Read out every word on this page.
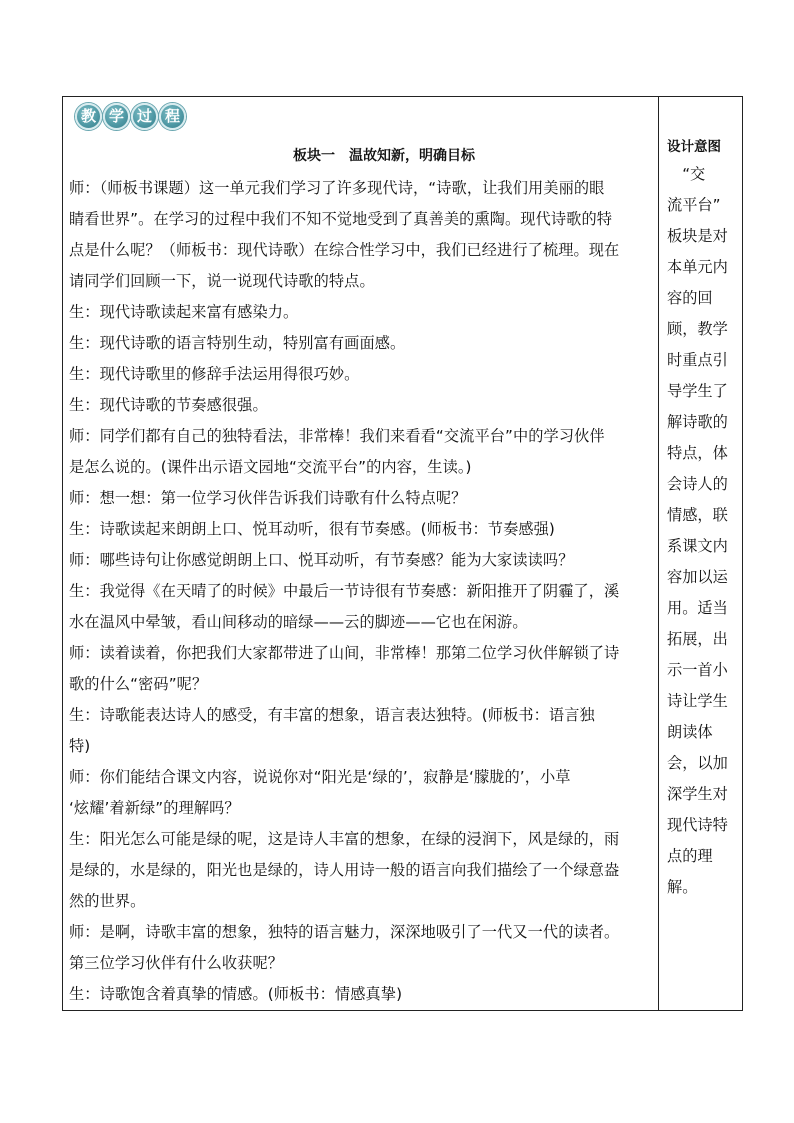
教 学 过 程
板块一　温故知新，明确目标
师：（师板书课题）这一单元我们学习了许多现代诗，“诗歌，让我们用美丽的眼
睛看世界”。在学习的过程中我们不知不觉地受到了真善美的熏陶。现代诗歌的特
点是什么呢？（师板书：现代诗歌）在综合性学习中，我们已经进行了梳理。现在
请同学们回顾一下，说一说现代诗歌的特点。
生：现代诗歌读起来富有感染力。
生：现代诗歌的语言特别生动，特别富有画面感。
生：现代诗歌里的修辞手法运用得很巧妙。
生：现代诗歌的节奏感很强。
师：同学们都有自己的独特看法，非常棒！我们来看看“交流平台”中的学习伙伴
是怎么说的。(课件出示语文园地“交流平台”的内容，生读。)
师：想一想：第一位学习伙伴告诉我们诗歌有什么特点呢？
生：诗歌读起来朗朗上口、悦耳动听，很有节奏感。(师板书：节奏感强)
师：哪些诗句让你感觉朗朗上口、悦耳动听，有节奏感？能为大家读读吗？
生：我觉得《在天晴了的时候》中最后一节诗很有节奏感：新阳推开了阴霾了，溪
水在温风中晕皱，看山间移动的暗绿——云的脚迹——它也在闲游。
师：读着读着，你把我们大家都带进了山间，非常棒！那第二位学习伙伴解锁了诗
歌的什么“密码”呢？
生：诗歌能表达诗人的感受，有丰富的想象，语言表达独特。(师板书：语言独
特)
师：你们能结合课文内容，说说你对“阳光是‘绿的’，寂静是‘朦胧的’，小草
‘炫耀’着新绿”的理解吗？
生：阳光怎么可能是绿的呢，这是诗人丰富的想象，在绿的浸润下，风是绿的，雨
是绿的，水是绿的，阳光也是绿的，诗人用诗一般的语言向我们描绘了一个绿意盎
然的世界。
师：是啊，诗歌丰富的想象，独特的语言魅力，深深地吸引了一代又一代的读者。
第三位学习伙伴有什么收获呢？
生：诗歌饱含着真挚的情感。(师板书：情感真挚)
设计意图
　“交
流平台”
板块是对
本单元内
容的回
顾，教学
时重点引
导学生了
解诗歌的
特点，体
会诗人的
情感，联
系课文内
容加以运
用。适当
拓展，出
示一首小
诗让学生
朗读体
会，以加
深学生对
现代诗特
点的理
解。
